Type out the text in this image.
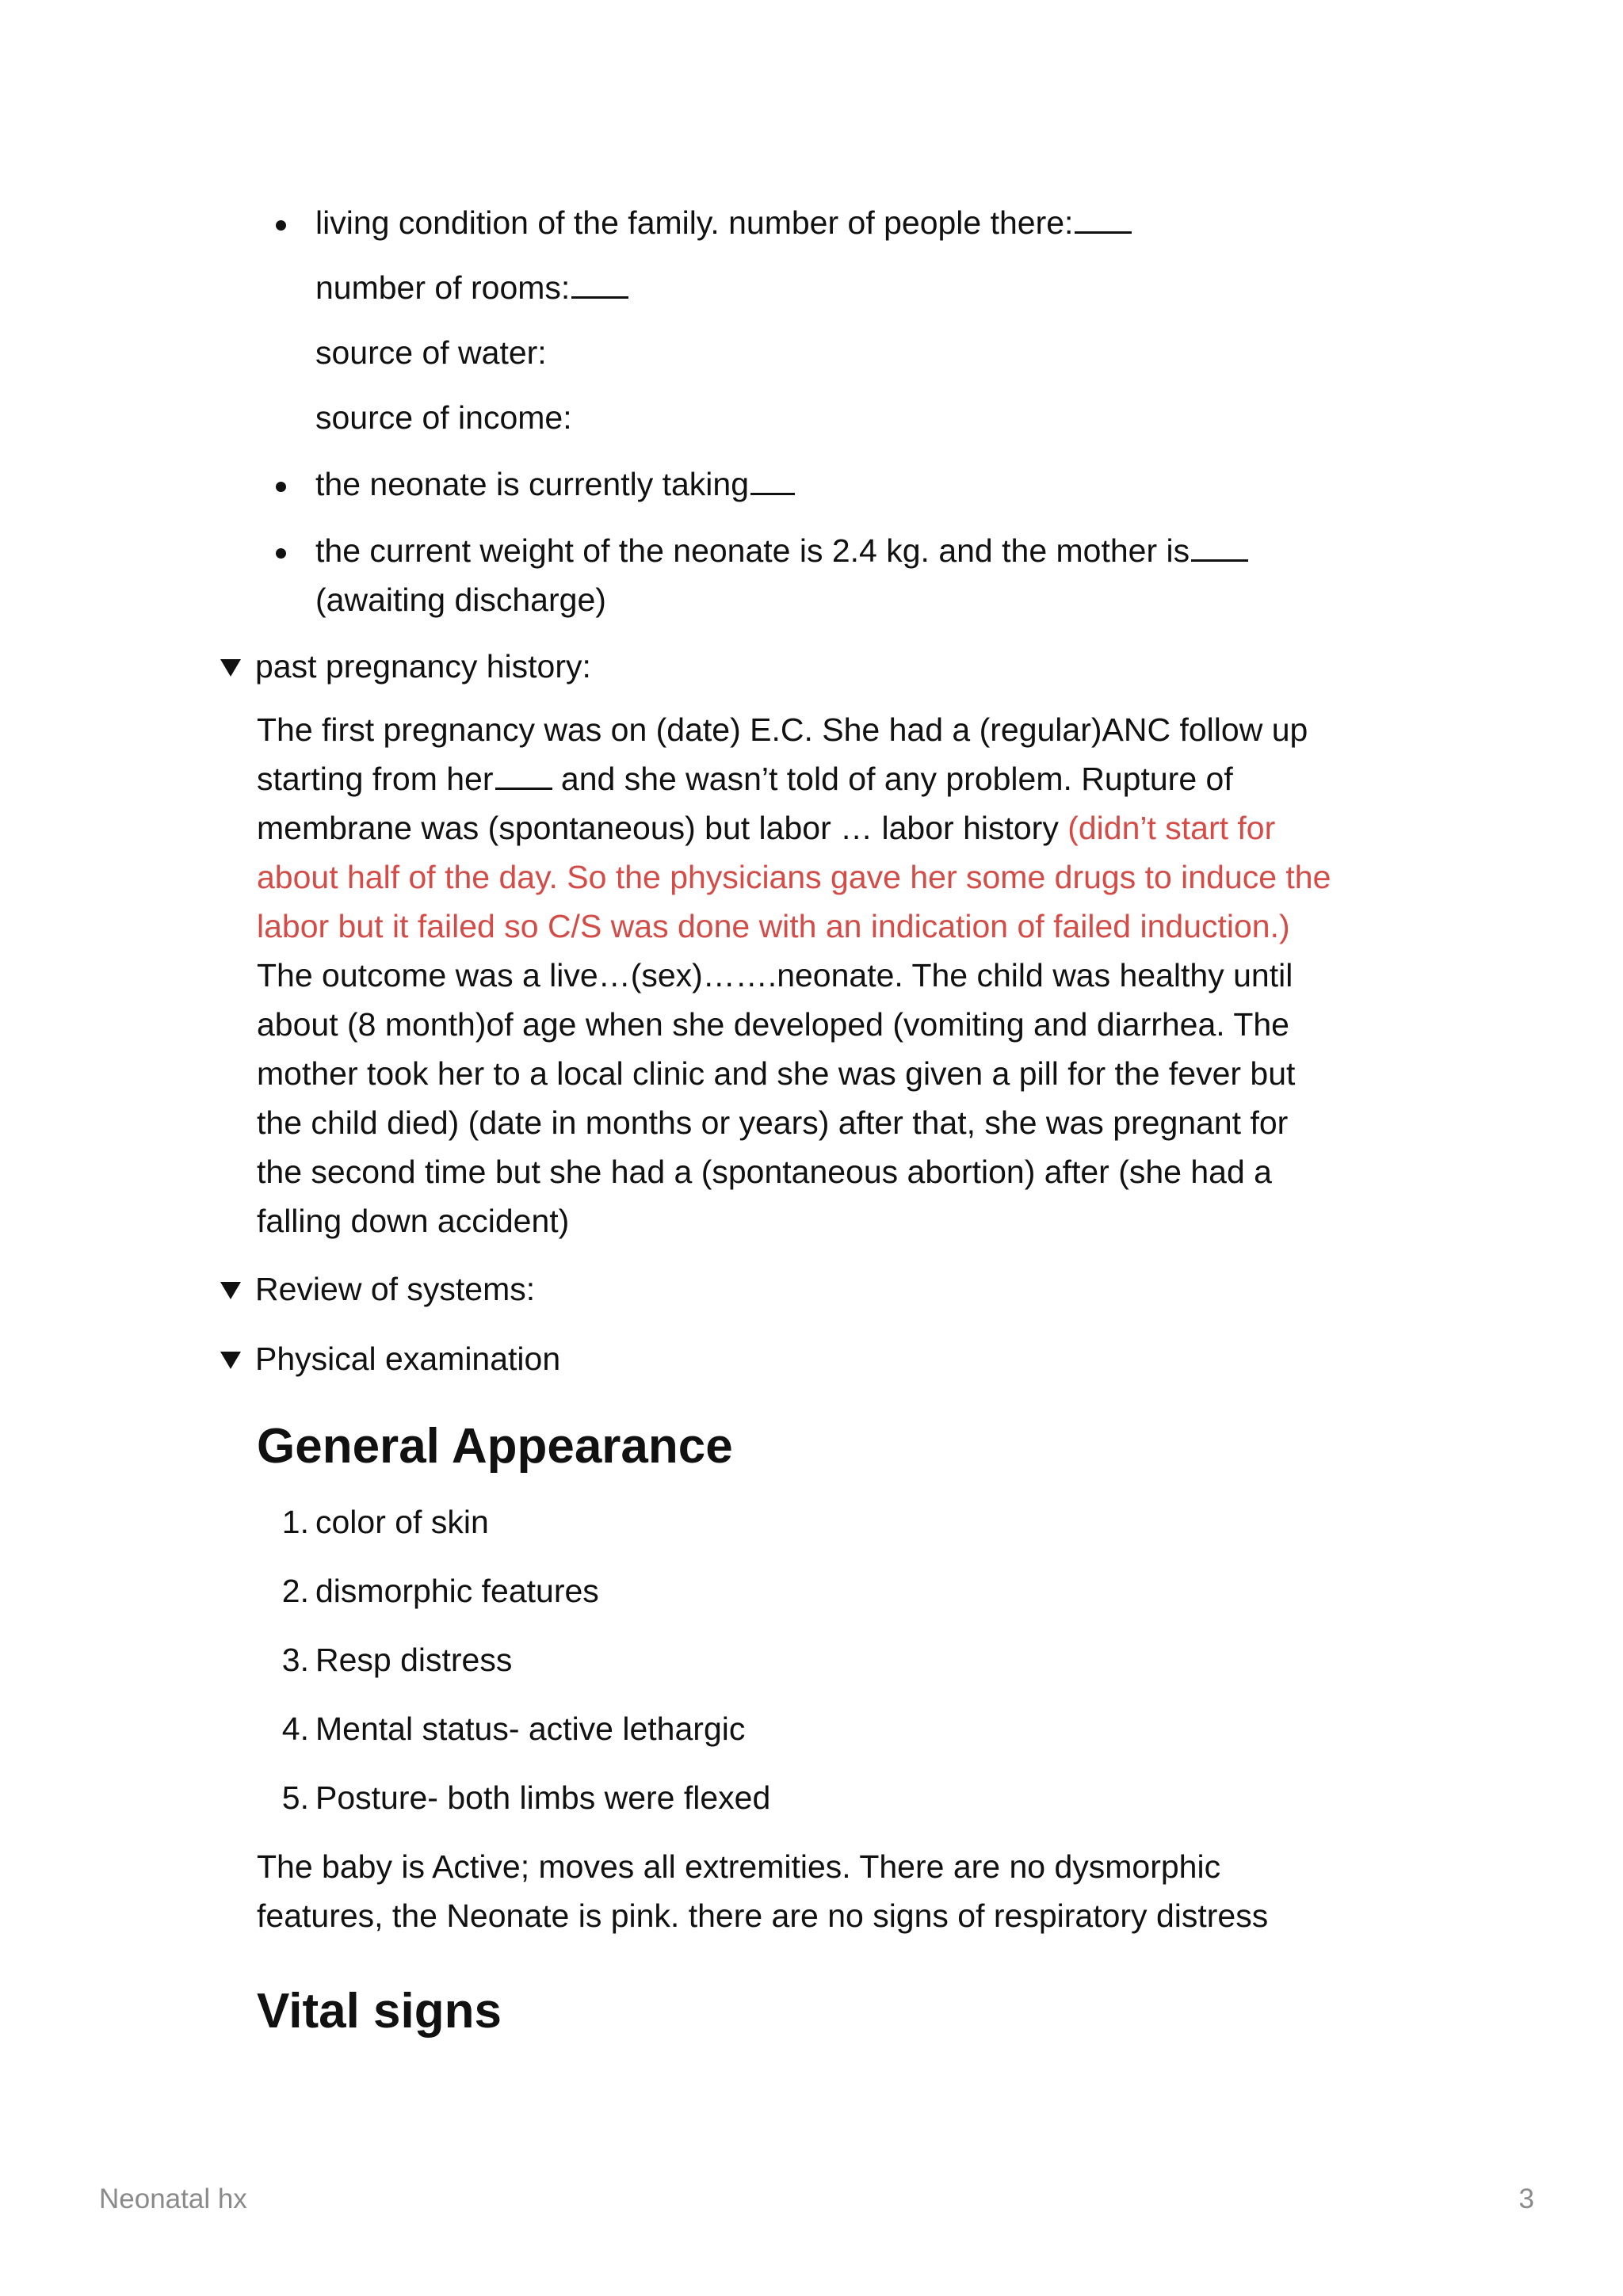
living condition of the family. number of people there:
number of rooms:
source of water:
source of income:
the neonate is currently taking
the current weight of the neonate is 2.4 kg. and the mother is
(awaiting discharge)
past pregnancy history:
The first pregnancy was on (date) E.C. She had a (regular)ANC follow up
starting from her and she wasn’t told of any problem. Rupture of
membrane was (spontaneous) but labor … labor history (didn’t start for
about half of the day. So the physicians gave her some drugs to induce the
labor but it failed so C/S was done with an indication of failed induction.)
The outcome was a live…(sex)…….neonate. The child was healthy until
about (8 month)of age when she developed (vomiting and diarrhea. The
mother took her to a local clinic and she was given a pill for the fever but
the child died) (date in months or years) after that, she was pregnant for
the second time but she had a (spontaneous abortion) after (she had a
falling down accident)
Review of systems:
Physical examination
General Appearance
1. color of skin
2. dismorphic features
3. Resp distress
4. Mental status- active lethargic
5. Posture- both limbs were flexed
The baby is Active; moves all extremities. There are no dysmorphic
features, the Neonate is pink. there are no signs of respiratory distress
Vital signs
Neonatal hx	3
